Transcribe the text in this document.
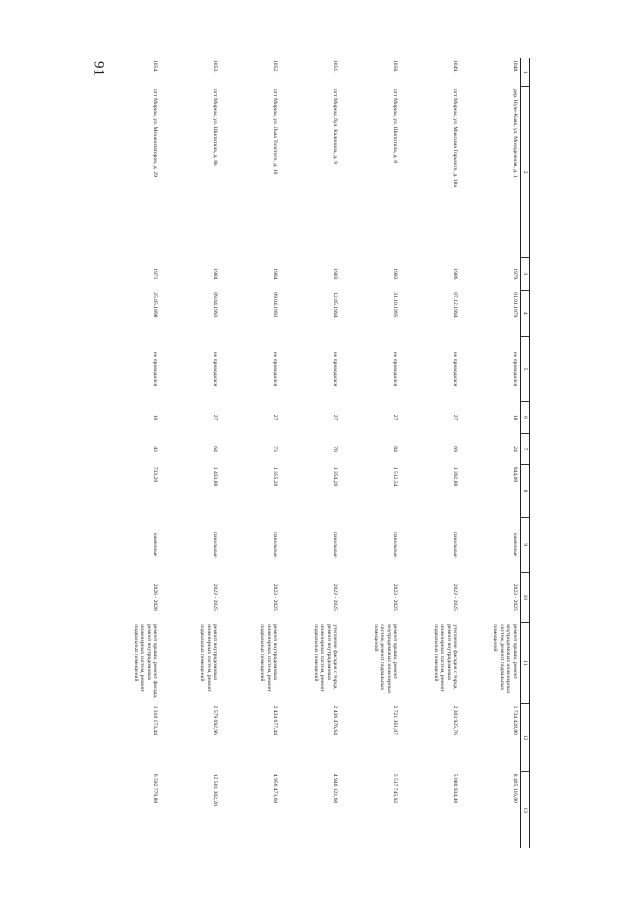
91	1	2	3	4	5	6	7	8	9	10	11	12	13
1048.	дер. Нуче-Каяк, ул. Молодежная, д. 1	1979	01.01.1979	не проводился	18	24	944,00	каменные	2023 - 2025	ремонт крыши, ремонт внутридомовых инженерных систем, ремонт подвальных помещений	1 734 428,80	8 405 116,00
1049.	пгт Мирны, ул. Максима Горького, д. 18а	1986	07.12.1994	не проводился	27	69	1 392,80	панельные	2023 - 2025	утепление фасадов с торца, ремонт внутридомовых инженерных систем, ремонт подвальных помещений	2 303 925,76	5 080 934,40
1050.	пгт Мирны, ул. Шипитила, д. 8	1983	31.10.1995	не проводился	27	84	1 512,54	панельные	2023 - 2025	ремонт крыши, ремонт внутридомовых инженерных систем, ремонт подвальных помещений	2 721 361,07	5 517 745,92
1051.	пгт Мирны, бул. Калинина, д. 9	1983	12.05.1994	не проводился	27	70	1 354,20	панельные	2023 - 2025	утепление фасадов с торца, ремонт внутридомовых инженерных систем, ремонт подвальных помещений	2 436 476,64	4 940 121,60
1052.	пгт Мирны, ул. Льва Толстого, д. 10	1984	09.04.1993	не проводился	27	73	1 355,20	панельные	2023 - 2025	ремонт внутридомовых инженерных систем, ремонт подвальных помещений	2 434 677,44	4 956 473,60
1053.	пгт Мирны, ул. Шипитила, д. 8в	1984	09.04.1993	не проводился	27	64	1 433,80	панельные	2023 - 2025	ремонт внутридомовых инженерных систем, ремонт подвальных помещений	2 579 692,96	12 501 302,20
1054.	пгт Мирны, ул. Механизаторов, д. 29	1971	25.05.1998	не проводился	16	43	733,20	каменные	2026 - 2028	ремонт крыши, ремонт фасада, ремонт внутридомовых инженерных систем, ремонт подвальных помещений	1 310 173,44	6 592 770,80
